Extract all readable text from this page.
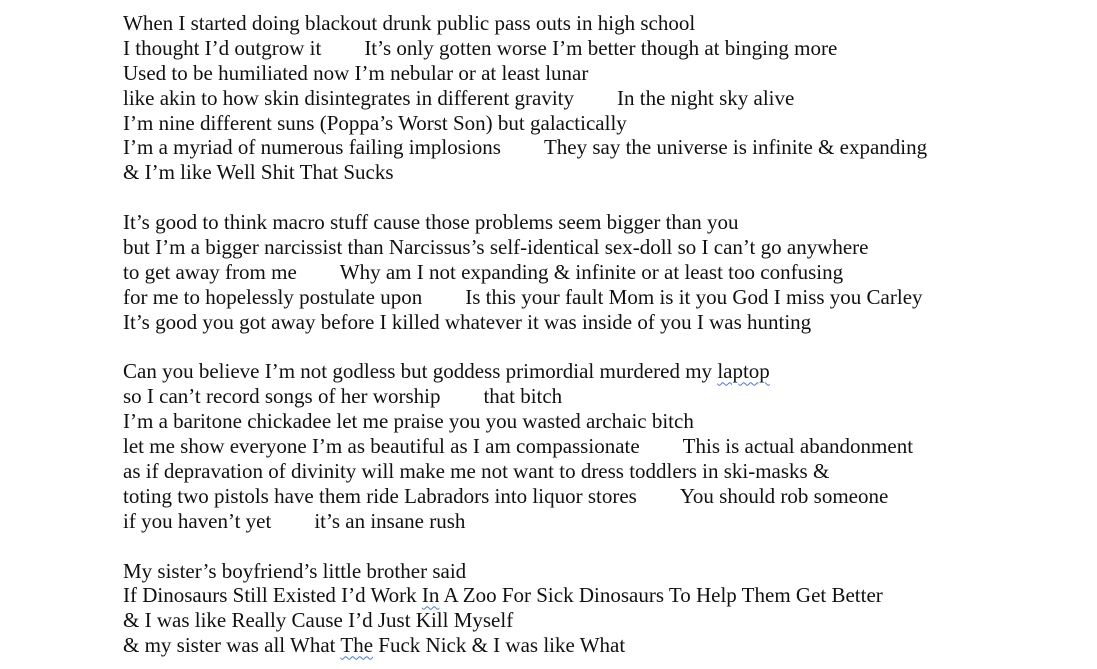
When I started doing blackout drunk public pass outs in high school
I thought I’d outgrow it It’s only gotten worse I’m better though at binging more
Used to be humiliated now I’m nebular or at least lunar
like akin to how skin disintegrates in different gravity In the night sky alive
I’m nine different suns (Poppa’s Worst Son) but galactically
I’m a myriad of numerous failing implosions They say the universe is infinite & expanding
& I’m like Well Shit That Sucks
It’s good to think macro stuff cause those problems seem bigger than you
but I’m a bigger narcissist than Narcissus’s self-identical sex-doll so I can’t go anywhere
to get away from me Why am I not expanding & infinite or at least too confusing
for me to hopelessly postulate upon Is this your fault Mom is it you God I miss you Carley
It’s good you got away before I killed whatever it was inside of you I was hunting
Can you believe I’m not godless but goddess primordial murdered my laptop
so I can’t record songs of her worship that bitch
I’m a baritone chickadee let me praise you you wasted archaic bitch
let me show everyone I’m as beautiful as I am compassionate This is actual abandonment
as if depravation of divinity will make me not want to dress toddlers in ski-masks &
toting two pistols have them ride Labradors into liquor stores You should rob someone
if you haven’t yet it’s an insane rush
My sister’s boyfriend’s little brother said
If Dinosaurs Still Existed I’d Work In A Zoo For Sick Dinosaurs To Help Them Get Better
& I was like Really Cause I’d Just Kill Myself
& my sister was all What The Fuck Nick & I was like What
